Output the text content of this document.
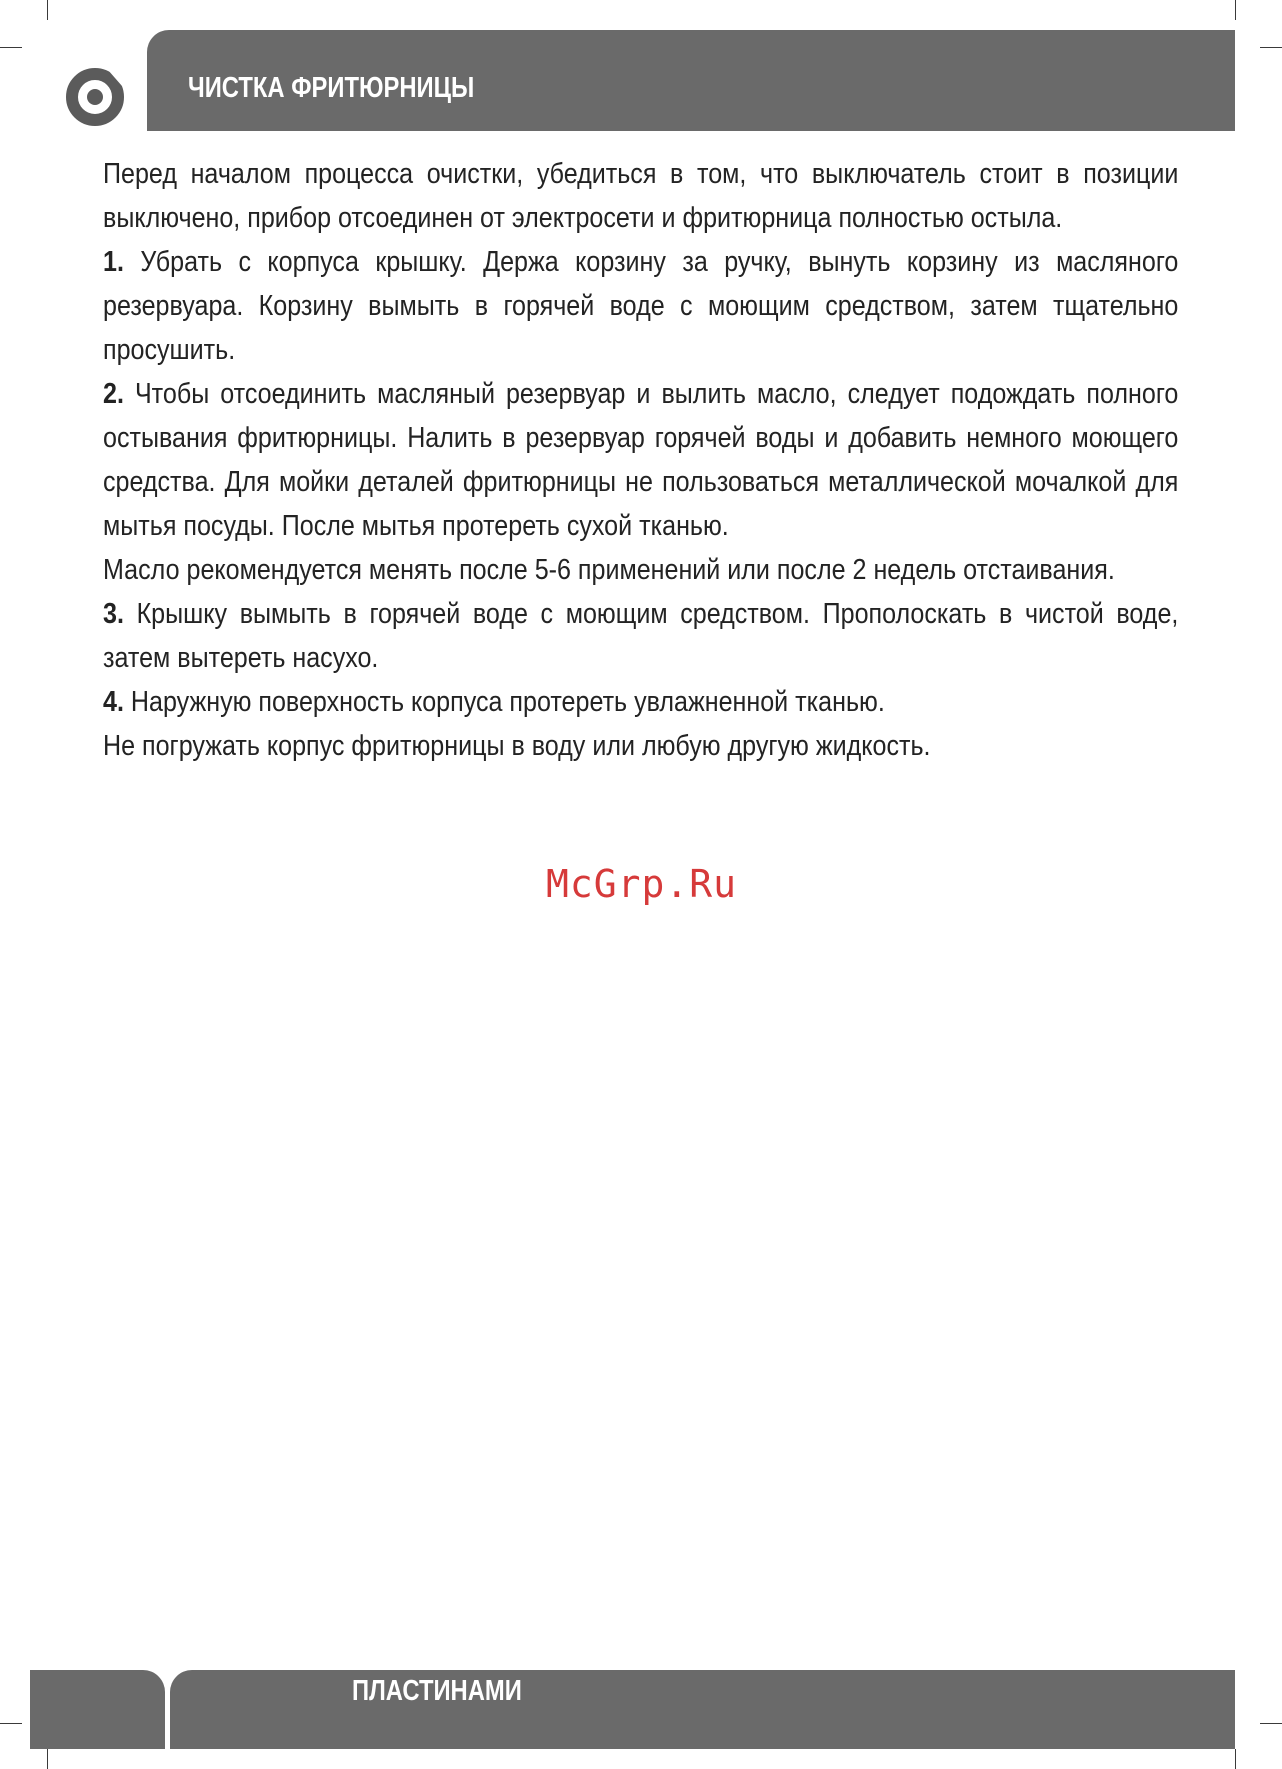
ЧИСТКА ФРИТЮРНИЦЫ

Перед началом процесса очистки, убедиться в том, что выключатель стоит в позиции выключено, прибор отсоединен от электросети и фритюрница полностью остыла.

1. Убрать с корпуса крышку. Держа корзину за ручку, вынуть корзину из масляного резервуара. Корзину вымыть в горячей воде с моющим средством, затем тщательно просушить.

2. Чтобы отсоединить масляный резервуар и вылить масло, следует подождать полного остывания фритюрницы. Налить в резервуар горячей воды и добавить немного моющего средства. Для мойки деталей фритюрницы не пользоваться металлической мочалкой для мытья посуды. После мытья протереть сухой тканью.

Масло рекомендуется менять после 5-6 применений или после 2 недель отстаивания.

3. Крышку вымыть в горячей воде с моющим средством. Прополоскать в чистой воде, затем вытереть насухо.

4. Наружную поверхность корпуса протереть увлажненной тканью.

Не погружать корпус фритюрницы в воду или любую другую жидкость.

McGrp.Ru
ПЛАСТИНАМИ
